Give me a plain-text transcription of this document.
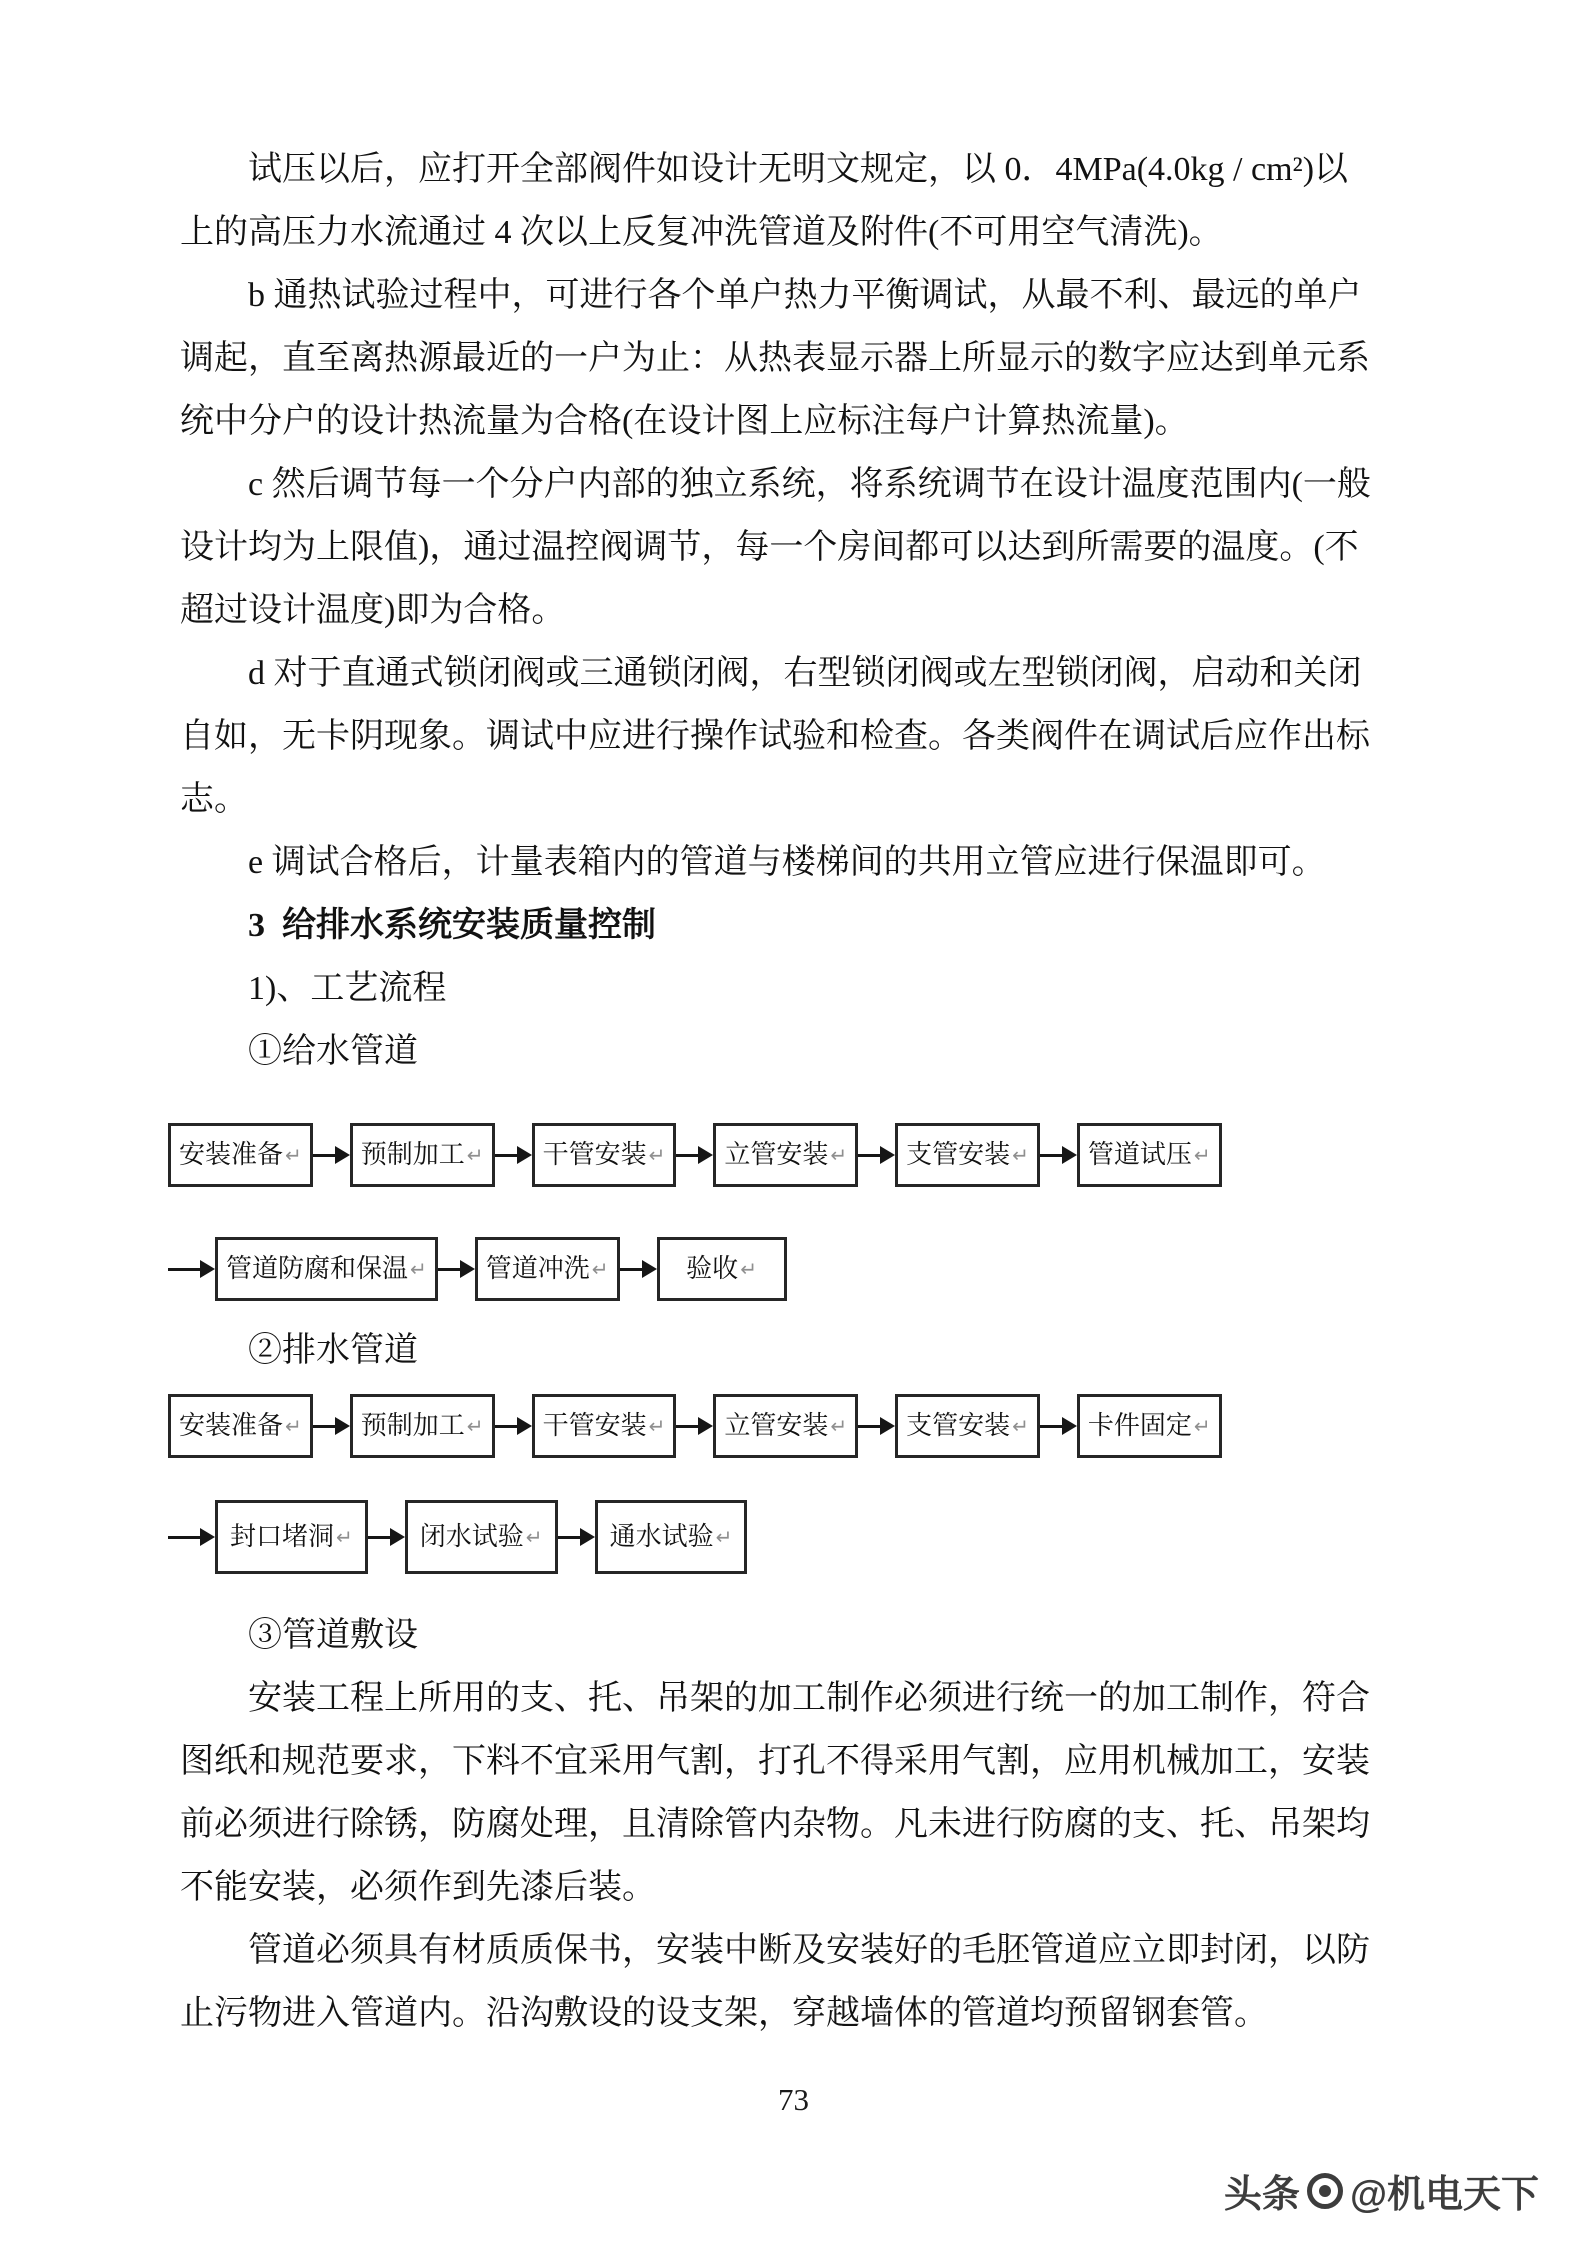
试压以后，应打开全部阀件如设计无明文规定，以 0．4MPa(4.0kg / cm²)以
上的高压力水流通过 4 次以上反复冲洗管道及附件(不可用空气清洗)。
b 通热试验过程中，可进行各个单户热力平衡调试，从最不利、最远的单户
调起，直至离热源最近的一户为止：从热表显示器上所显示的数字应达到单元系
统中分户的设计热流量为合格(在设计图上应标注每户计算热流量)。
c 然后调节每一个分户内部的独立系统，将系统调节在设计温度范围内(一般
设计均为上限值)，通过温控阀调节，每一个房间都可以达到所需要的温度。(不
超过设计温度)即为合格。
d 对于直通式锁闭阀或三通锁闭阀，右型锁闭阀或左型锁闭阀，启动和关闭
自如，无卡阴现象。调试中应进行操作试验和检查。各类阀件在调试后应作出标
志。
e 调试合格后，计量表箱内的管道与楼梯间的共用立管应进行保温即可。
3  给排水系统安装质量控制
1)、工艺流程
①给水管道
安装准备 ↵ 预制加工 ↵ 干管安装 ↵ 立管安装 ↵ 支管安装 ↵ 管道试压 ↵
管道防腐和保温 ↵ 管道冲洗 ↵	验收 ↵
②排水管道
安装准备 ↵ 预制加工 ↵ 干管安装 ↵ 立管安装 ↵ 支管安装 ↵ 卡件固定 ↵
封口堵洞 ↵	闭水试验 ↵	通水试验 ↵
③管道敷设
安装工程上所用的支、托、吊架的加工制作必须进行统一的加工制作，符合
图纸和规范要求，下料不宜采用气割，打孔不得采用气割，应用机械加工，安装
前必须进行除锈，防腐处理，且清除管内杂物。凡未进行防腐的支、托、吊架均
不能安装，必须作到先漆后装。
管道必须具有材质质保书，安装中断及安装好的毛胚管道应立即封闭，以防
止污物进入管道内。沿沟敷设的设支架，穿越墙体的管道均预留钢套管。
73
头条 @机电天下
